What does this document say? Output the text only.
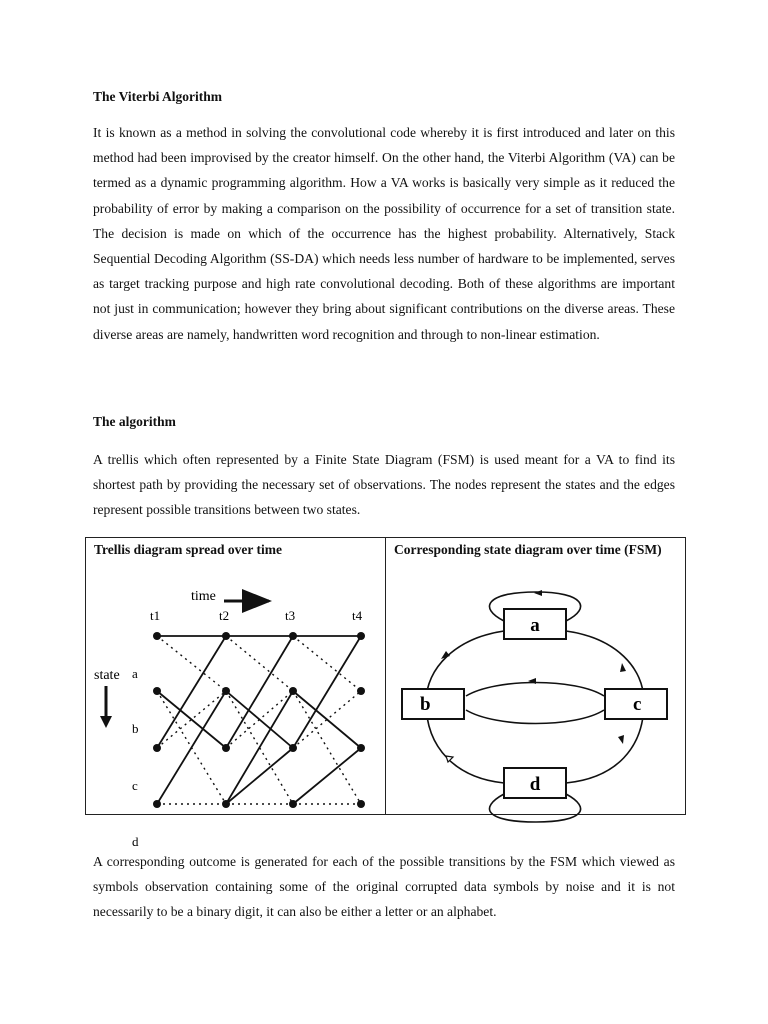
The Viterbi Algorithm

It is known as a method in solving the convolutional code whereby it is first introduced and later on this method had been improvised by the creator himself. On the other hand, the Viterbi Algorithm (VA) can be termed as a dynamic programming algorithm. How a VA works is basically very simple as it reduced the probability of error by making a comparison on the possibility of occurrence for a set of transition state. The decision is made on which of the occurrence has the highest probability. Alternatively, Stack Sequential Decoding Algorithm (SS-DA) which needs less number of hardware to be implemented, serves as target tracking purpose and high rate convolutional decoding. Both of these algorithms are important not just in communication; however they bring about significant contributions on the diverse areas. These diverse areas are namely, handwritten word recognition and through to non-linear estimation.

The algorithm

A trellis which often represented by a Finite State Diagram (FSM) is used meant for a VA to find its shortest path by providing the necessary set of observations. The nodes represent the states and the edges represent possible transitions between two states.

Trellis diagram spread over time
time
state
t1	t2	t3	t4
a
b
c
d

Corresponding state diagram over time (FSM)
a
b	c
d

A corresponding outcome is generated for each of the possible transitions by the FSM which viewed as symbols observation containing some of the original corrupted data symbols by noise and it is not necessarily to be a binary digit, it can also be either a letter or an alphabet.
